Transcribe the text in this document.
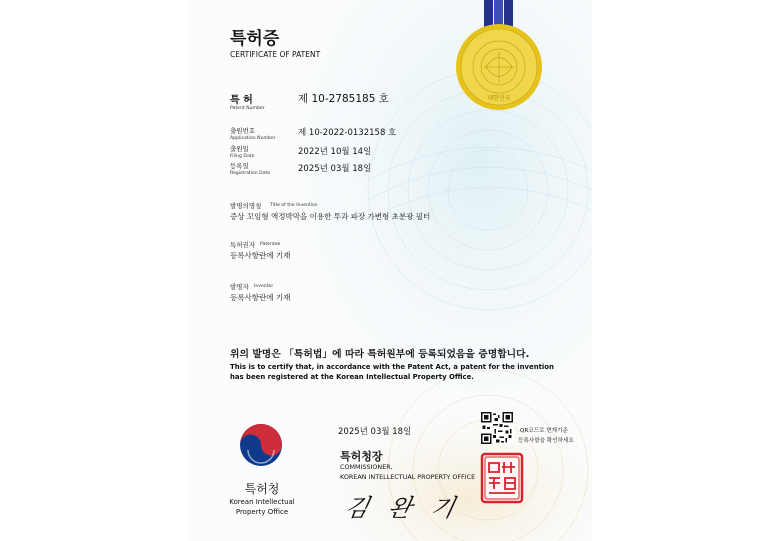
대한민국
특허증
CERTIFICATE OF PATENT
특 허
Patent Number
제 10-2785185 호
출원번호
Application Number
제 10-2022-0132158 호
출원일
Filing Date	2022년 10월 14일
등록일
Registration Date	2025년 03월 18일
발명의명칭 Title of the Invention
증상 꼬임형 액정박막을 이용한 투과 파장 가변형 초분광 필터
특허권자 Patentee
등록사항란에 기재
발명자 Inventor
등록사항란에 기재
위의 발명은 「특허법」에 따라 특허원부에 등록되었음을 증명합니다.
This is to certify that, in accordance with the Patent Act, a patent for the invention
has been registered at the Korean Intellectual Property Office.
특허청
Korean Intellectual
Property Office
2025년 03월 18일	QR코드로 현재기준
등록사항을 확인하세요
특허청장
COMMISSIONER,
KOREAN INTELLECTUAL PROPERTY OFFICE
김 완 기
